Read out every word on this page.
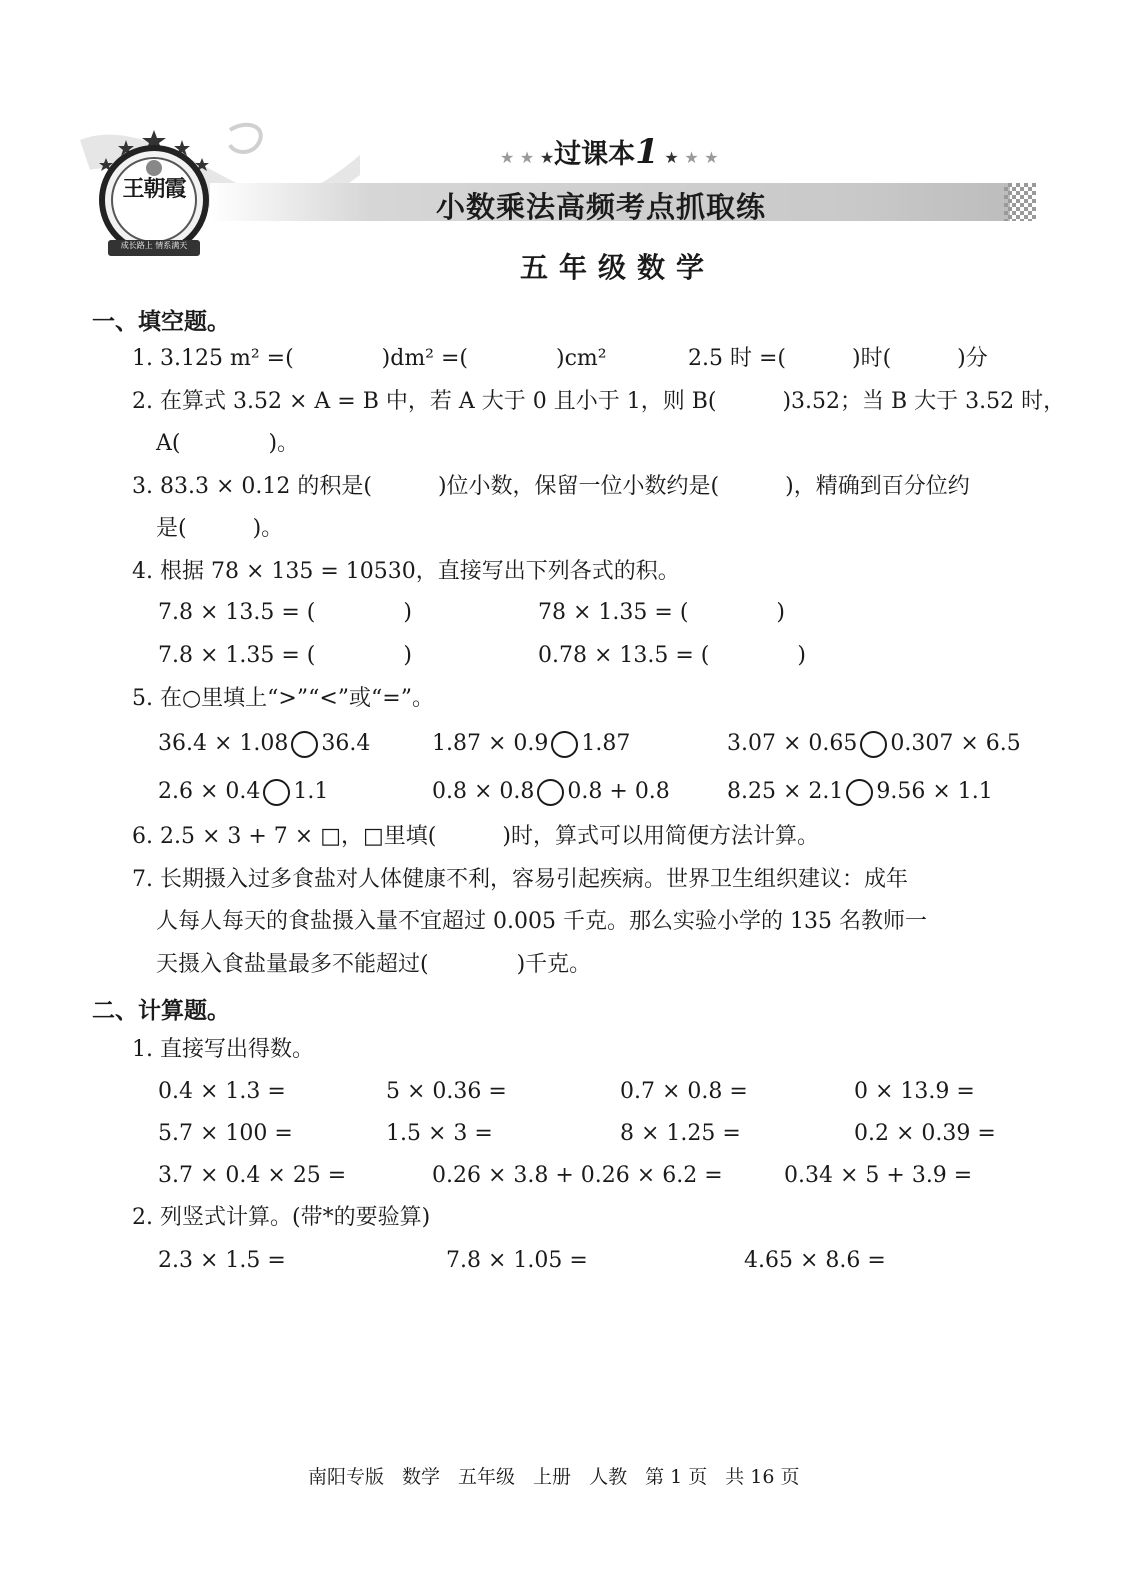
王朝霞
成长路上 情系满天
★ ★ ★过课本1 ★ ★ ★
小数乘法高频考点抓取练
五年级数学
一、填空题。
1. 3.125 m² =(　　　　)dm² =(　　　　)cm²	2.5 时 =(　　　)时(　　　)分
2. 在算式 3.52 × A = B 中，若 A 大于 0 且小于 1，则 B(　　　)3.52；当 B 大于 3.52 时，
A(　　　　)。
3. 83.3 × 0.12 的积是(　　　)位小数，保留一位小数约是(　　　)，精确到百分位约
是(　　　)。
4. 根据 78 × 135 = 10530，直接写出下列各式的积。
7.8 × 13.5 = (　　　　)	78 × 1.35 = (　　　　)
7.8 × 1.35 = (　　　　)	0.78 × 13.5 = (　　　　)
5. 在○里填上“>”“<”或“=”。
36.4 × 1.08 36.4	1.87 × 0.9 1.87	3.07 × 0.65 0.307 × 6.5
2.6 × 0.4 1.1	0.8 × 0.8 0.8 + 0.8	8.25 × 2.1 9.56 × 1.1
6. 2.5 × 3 + 7 × □，□里填(　　　)时，算式可以用简便方法计算。
7. 长期摄入过多食盐对人体健康不利，容易引起疾病。世界卫生组织建议：成年
人每人每天的食盐摄入量不宜超过 0.005 千克。那么实验小学的 135 名教师一
天摄入食盐量最多不能超过(　　　　)千克。
二、计算题。
1. 直接写出得数。
0.4 × 1.3 =	5 × 0.36 =	0.7 × 0.8 =	0 × 13.9 =
5.7 × 100 =	1.5 × 3 =	8 × 1.25 =	0.2 × 0.39 =
3.7 × 0.4 × 25 =	0.26 × 3.8 + 0.26 × 6.2 =	0.34 × 5 + 3.9 =
2. 列竖式计算。(带*的要验算)
2.3 × 1.5 =	7.8 × 1.05 =	4.65 × 8.6 =
南阳专版 数学 五年级 上册 人教 第 1 页 共 16 页
